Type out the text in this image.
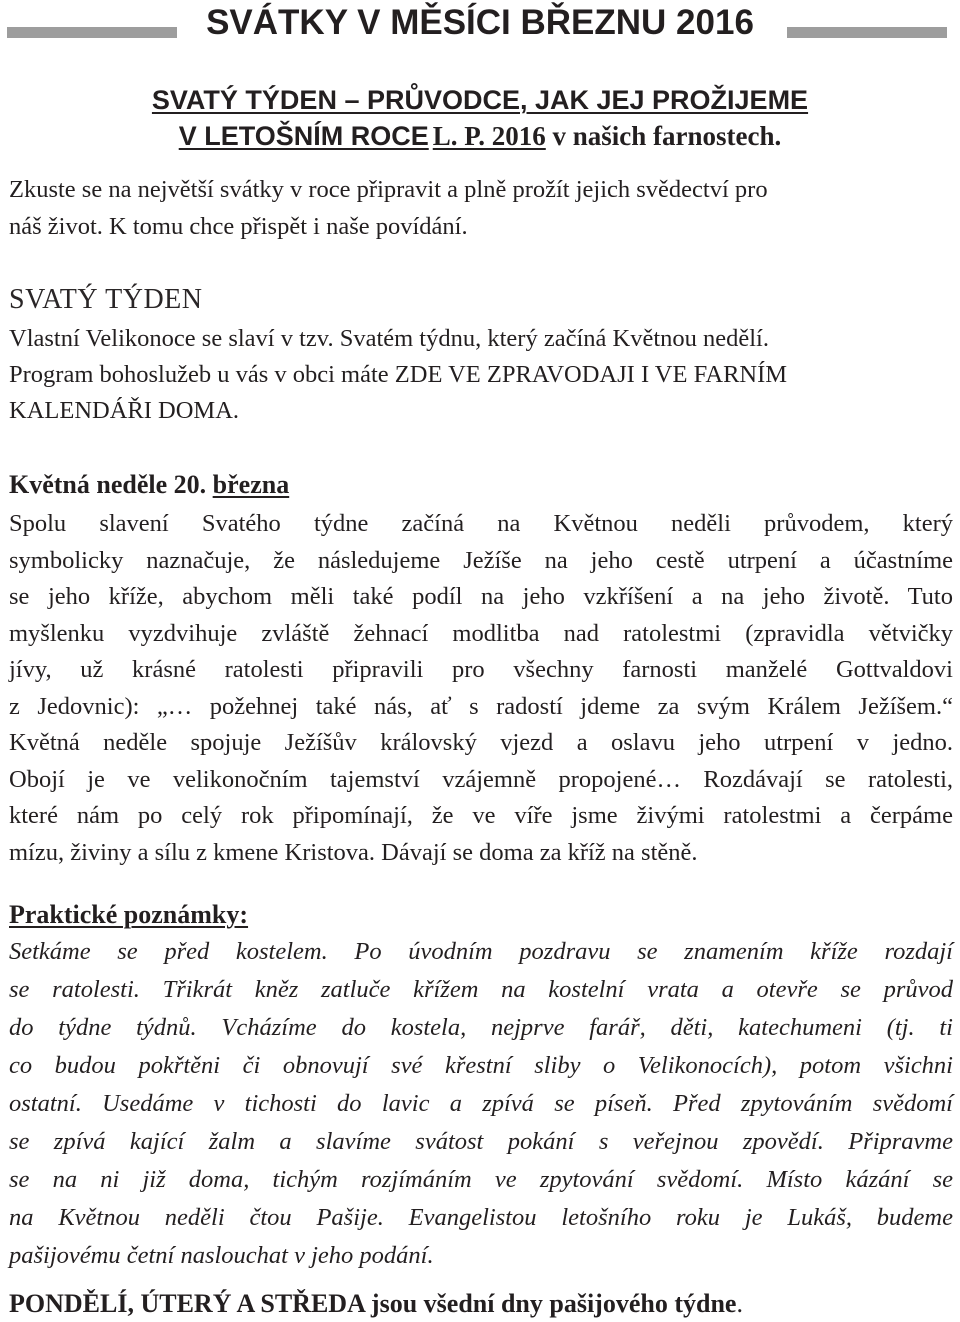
SVÁTKY V MĚSÍCI BŘEZNU 2016
SVATÝ TÝDEN – PRŮVODCE, JAK JEJ PROŽIJEME
V LETOŠNÍM ROCE L. P. 2016 v našich farnostech.
Zkuste se na největší svátky v roce připravit a plně prožít jejich svědectví pro
náš život. K tomu chce přispět i naše povídání.
SVATÝ TÝDEN
Vlastní Velikonoce se slaví v tzv. Svatém týdnu, který začíná Květnou nedělí.
Program bohoslužeb u vás v obci máte ZDE VE ZPRAVODAJI I VE FARNÍM
KALENDÁŘI DOMA.
Květná neděle 20. března
Spolu slavení Svatého týdne začíná na Květnou neděli průvodem, který
symbolicky naznačuje, že následujeme Ježíše na jeho cestě utrpení a účastníme
se jeho kříže, abychom měli také podíl na jeho vzkříšení a na jeho životě. Tuto
myšlenku vyzdvihuje zvláště žehnací modlitba nad ratolestmi (zpravidla větvičky
jívy, už krásné ratolesti připravili pro všechny farnosti manželé Gottvaldovi
z Jedovnic): „… požehnej také nás, ať s radostí jdeme za svým Králem Ježíšem.“
Květná neděle spojuje Ježíšův královský vjezd a oslavu jeho utrpení v jedno.
Obojí je ve velikonočním tajemství vzájemně propojené… Rozdávají se ratolesti,
které nám po celý rok připomínají, že ve víře jsme živými ratolestmi a čerpáme
mízu, živiny a sílu z kmene Kristova. Dávají se doma za kříž na stěně.
Praktické poznámky:
Setkáme se před kostelem. Po úvodním pozdravu se znamením kříže rozdají
se ratolesti. Třikrát kněz zatluče křížem na kostelní vrata a otevře se průvod
do týdne týdnů. Vcházíme do kostela, nejprve farář, děti, katechumeni (tj. ti
co budou pokřtěni či obnovují své křestní sliby o Velikonocích), potom všichni
ostatní. Usedáme v tichosti do lavic a zpívá se píseň. Před zpytováním svědomí
se zpívá kající žalm a slavíme svátost pokání s veřejnou zpovědí. Připravme
se na ni již doma, tichým rozjímáním ve zpytování svědomí. Místo kázání se
na Květnou neděli čtou Pašije. Evangelistou letošního roku je Lukáš, budeme
pašijovému četní naslouchat v jeho podání.
PONDĚLÍ, ÚTERÝ A STŘEDA jsou všední dny pašijového týdne.
